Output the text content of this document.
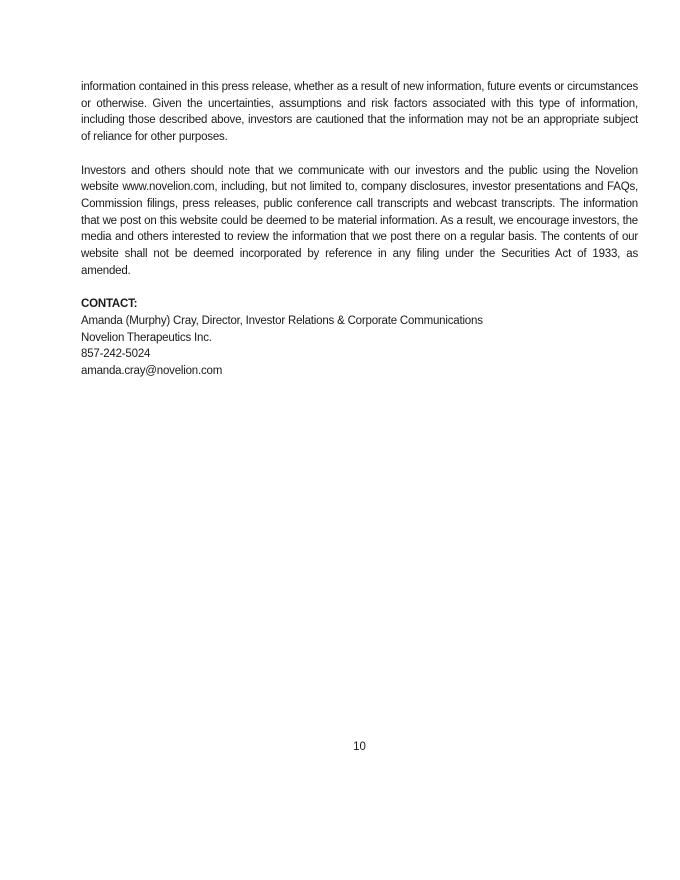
information contained in this press release, whether as a result of new information, future events or circumstances or otherwise. Given the uncertainties, assumptions and risk factors associated with this type of information, including those described above, investors are cautioned that the information may not be an appropriate subject of reliance for other purposes.

Investors and others should note that we communicate with our investors and the public using the Novelion website www.novelion.com, including, but not limited to, company disclosures, investor presentations and FAQs, Commission filings, press releases, public conference call transcripts and webcast transcripts. The information that we post on this website could be deemed to be material information. As a result, we encourage investors, the media and others interested to review the information that we post there on a regular basis. The contents of our website shall not be deemed incorporated by reference in any filing under the Securities Act of 1933, as amended.

CONTACT:

Amanda (Murphy) Cray, Director, Investor Relations & Corporate Communications
Novelion Therapeutics Inc.
857-242-5024
amanda.cray@novelion.com
10
